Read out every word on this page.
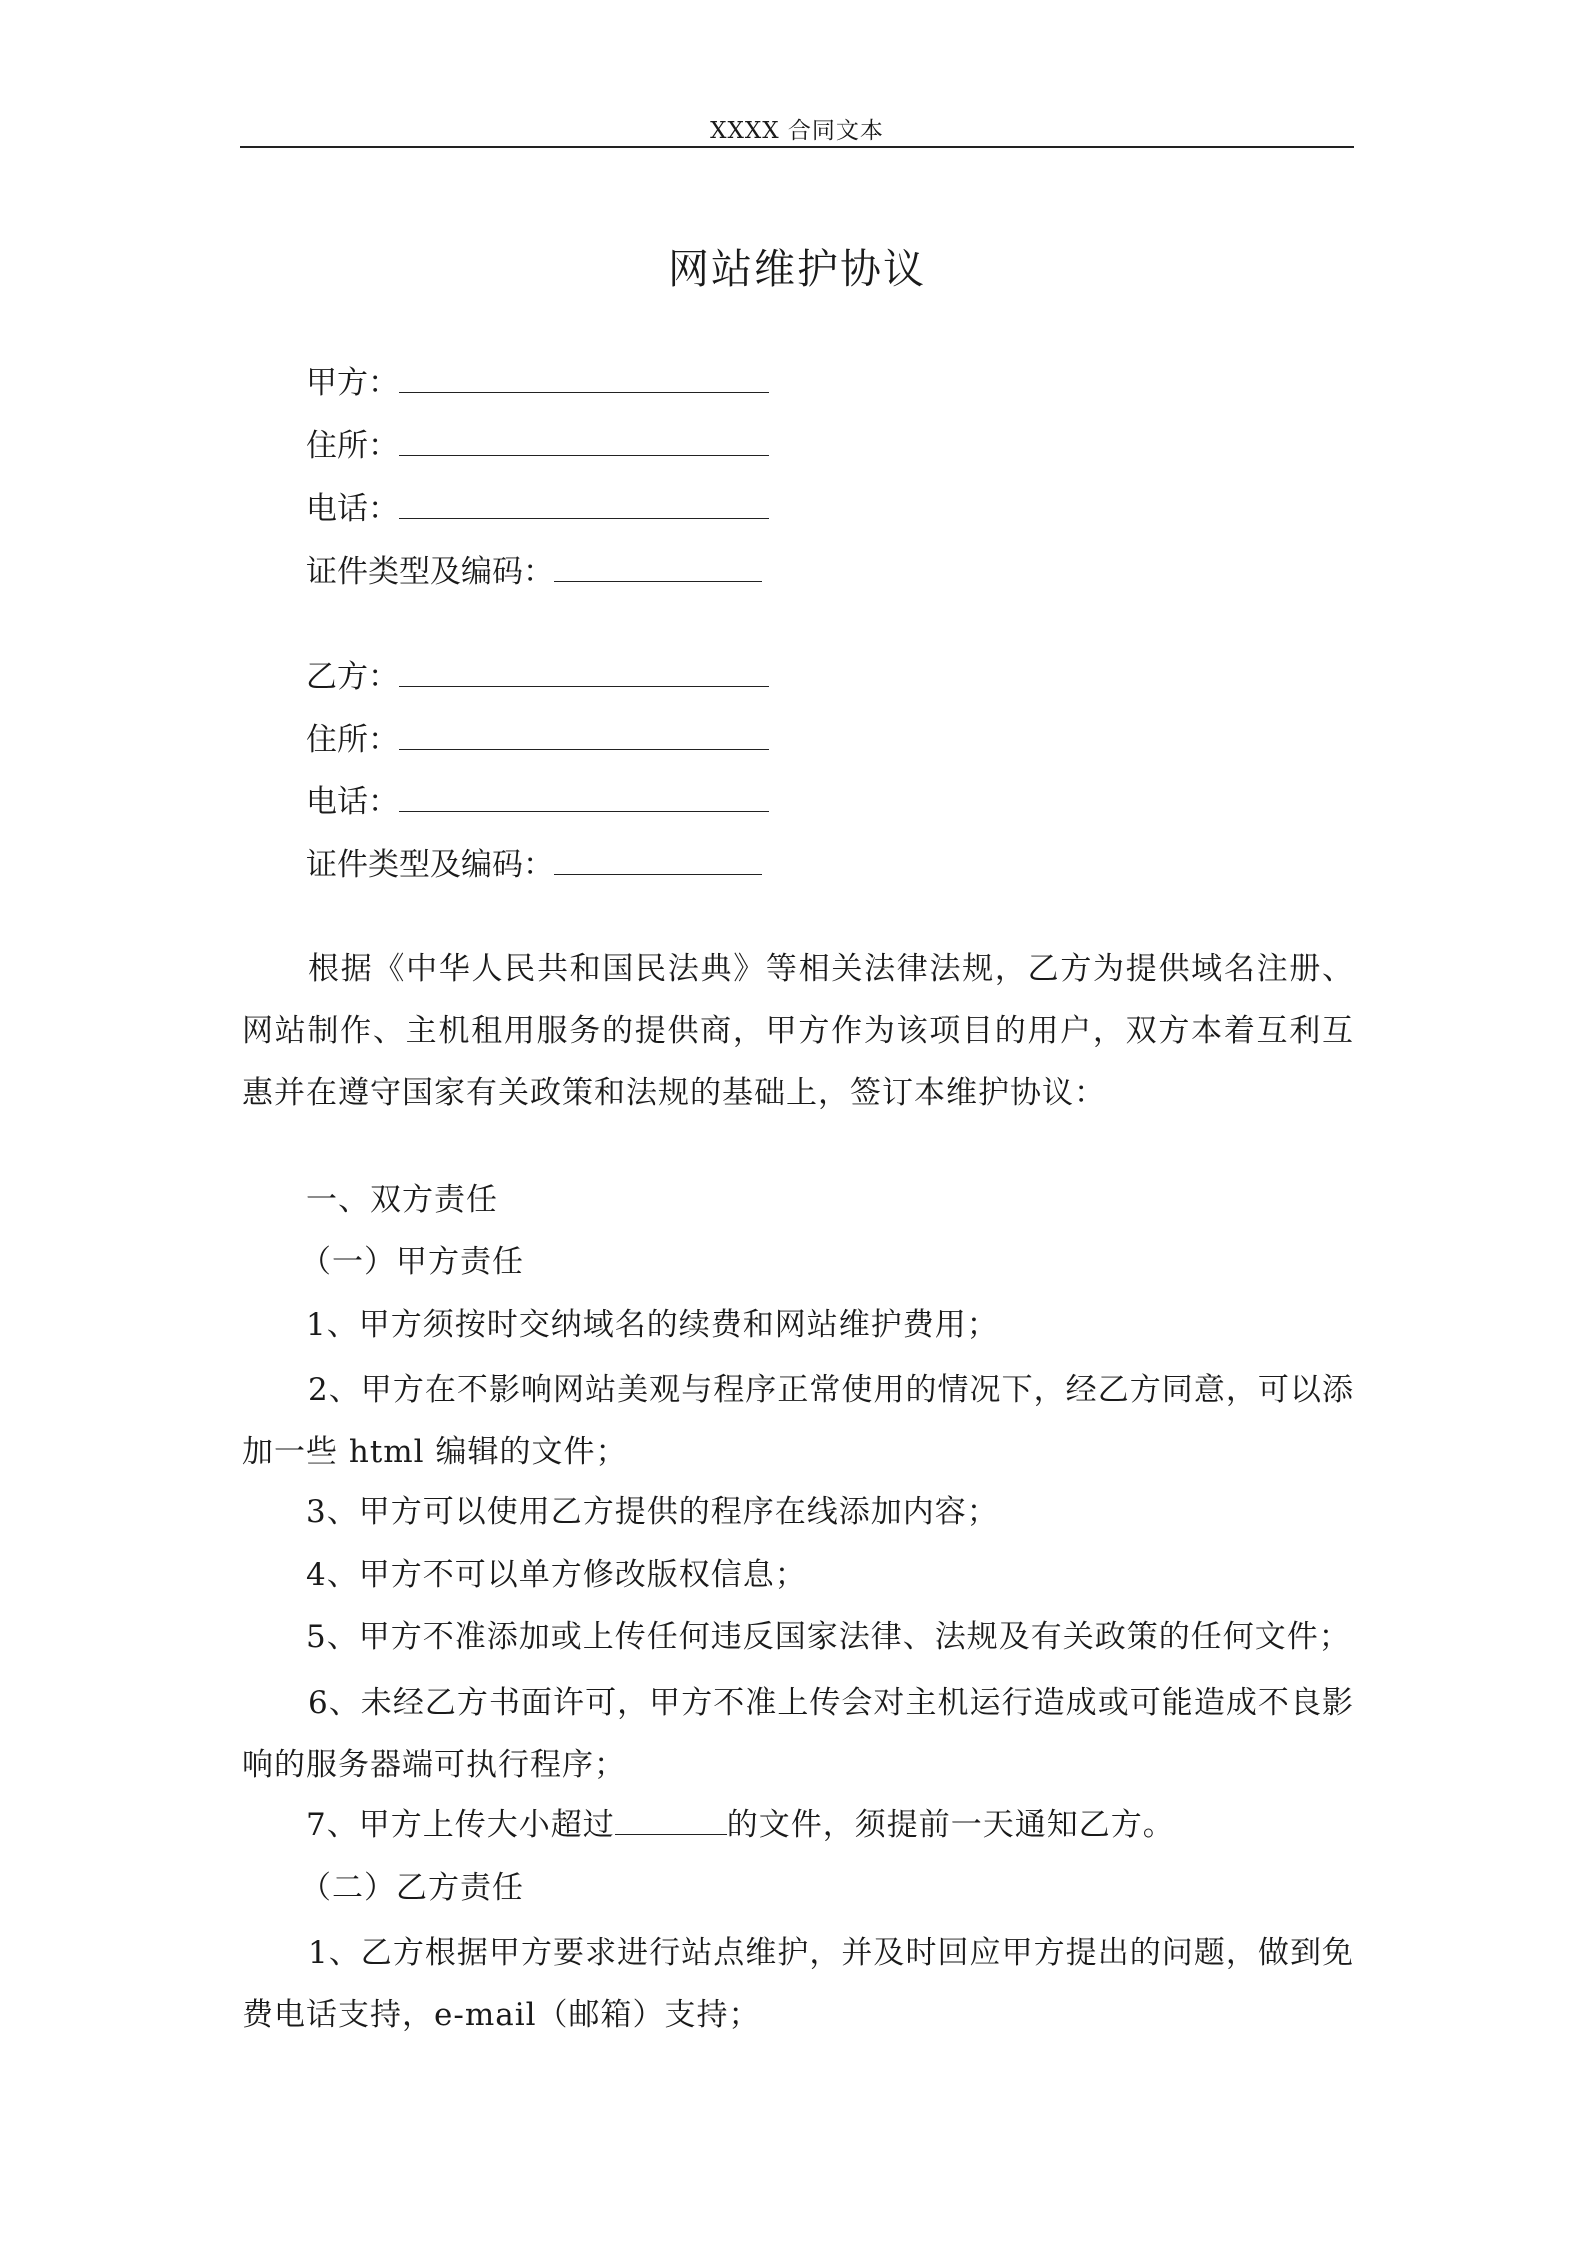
XXXX 合同文本
网站维护协议
甲方：
住所：
电话：
证件类型及编码：
乙方：
住所：
电话：
证件类型及编码：
根据《中华人民共和国民法典》等相关法律法规，乙方为提供域名注册、网站制作、主机租用服务的提供商，甲方作为该项目的用户，双方本着互利互惠并在遵守国家有关政策和法规的基础上，签订本维护协议：
一、双方责任
（一）甲方责任
1、甲方须按时交纳域名的续费和网站维护费用；
2、甲方在不影响网站美观与程序正常使用的情况下，经乙方同意，可以添加一些 html 编辑的文件；
3、甲方可以使用乙方提供的程序在线添加内容；
4、甲方不可以单方修改版权信息；
5、甲方不准添加或上传任何违反国家法律、法规及有关政策的任何文件；
6、未经乙方书面许可，甲方不准上传会对主机运行造成或可能造成不良影响的服务器端可执行程序；
7、甲方上传大小超过	的文件，须提前一天通知乙方。
（二）乙方责任
1、乙方根据甲方要求进行站点维护，并及时回应甲方提出的问题，做到免费电话支持，e-mail（邮箱）支持；
